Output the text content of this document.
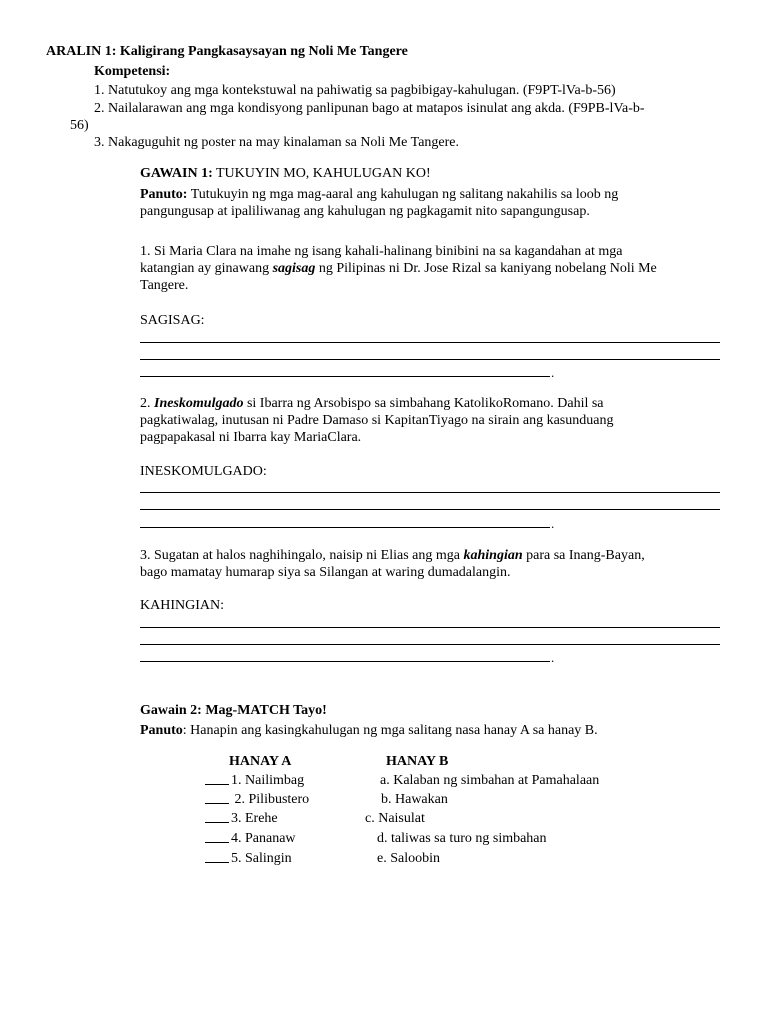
ARALIN 1: Kaligirang Pangkasaysayan ng Noli Me Tangere
Kompetensi:
1. Natutukoy ang mga kontekstuwal na pahiwatig sa pagbibigay-kahulugan. (F9PT-lVa-b-56)
2. Nailalarawan ang mga kondisyong panlipunan bago at matapos isinulat ang akda. (F9PB-lVa-b-
56)
3. Nakaguguhit ng poster na may kinalaman sa Noli Me Tangere.
GAWAIN 1: TUKUYIN MO, KAHULUGAN KO!
Panuto: Tutukuyin ng mga mag-aaral ang kahulugan ng salitang nakahilis sa loob ng
pangungusap at ipaliliwanag ang kahulugan ng pagkagamit nito sapangungusap.
1. Si Maria Clara na imahe ng isang kahali-halinang binibini na sa kagandahan at mga
katangian ay ginawang sagisag ng Pilipinas ni Dr. Jose Rizal sa kaniyang nobelang Noli Me
Tangere.
SAGISAG:
.
2. Ineskomulgado si Ibarra ng Arsobispo sa simbahang KatolikoRomano. Dahil sa
pagkatiwalag, inutusan ni Padre Damaso si KapitanTiyago na sirain ang kasunduang
pagpapakasal ni Ibarra kay MariaClara.
INESKOMULGADO:
.
3. Sugatan at halos naghihingalo, naisip ni Elias ang mga kahingian para sa Inang-Bayan,
bago mamatay humarap siya sa Silangan at waring dumadalangin.
KAHINGIAN:
.
Gawain 2: Mag-MATCH Tayo!
Panuto: Hanapin ang kasingkahulugan ng mga salitang nasa hanay A sa hanay B.
HANAY A	HANAY B
1. Nailimbag
2. Pilibustero
3. Erehe
4. Pananaw
5. Salingin
a. Kalaban ng simbahan at Pamahalaan
b. Hawakan
c. Naisulat
d. taliwas sa turo ng simbahan
e. Saloobin
